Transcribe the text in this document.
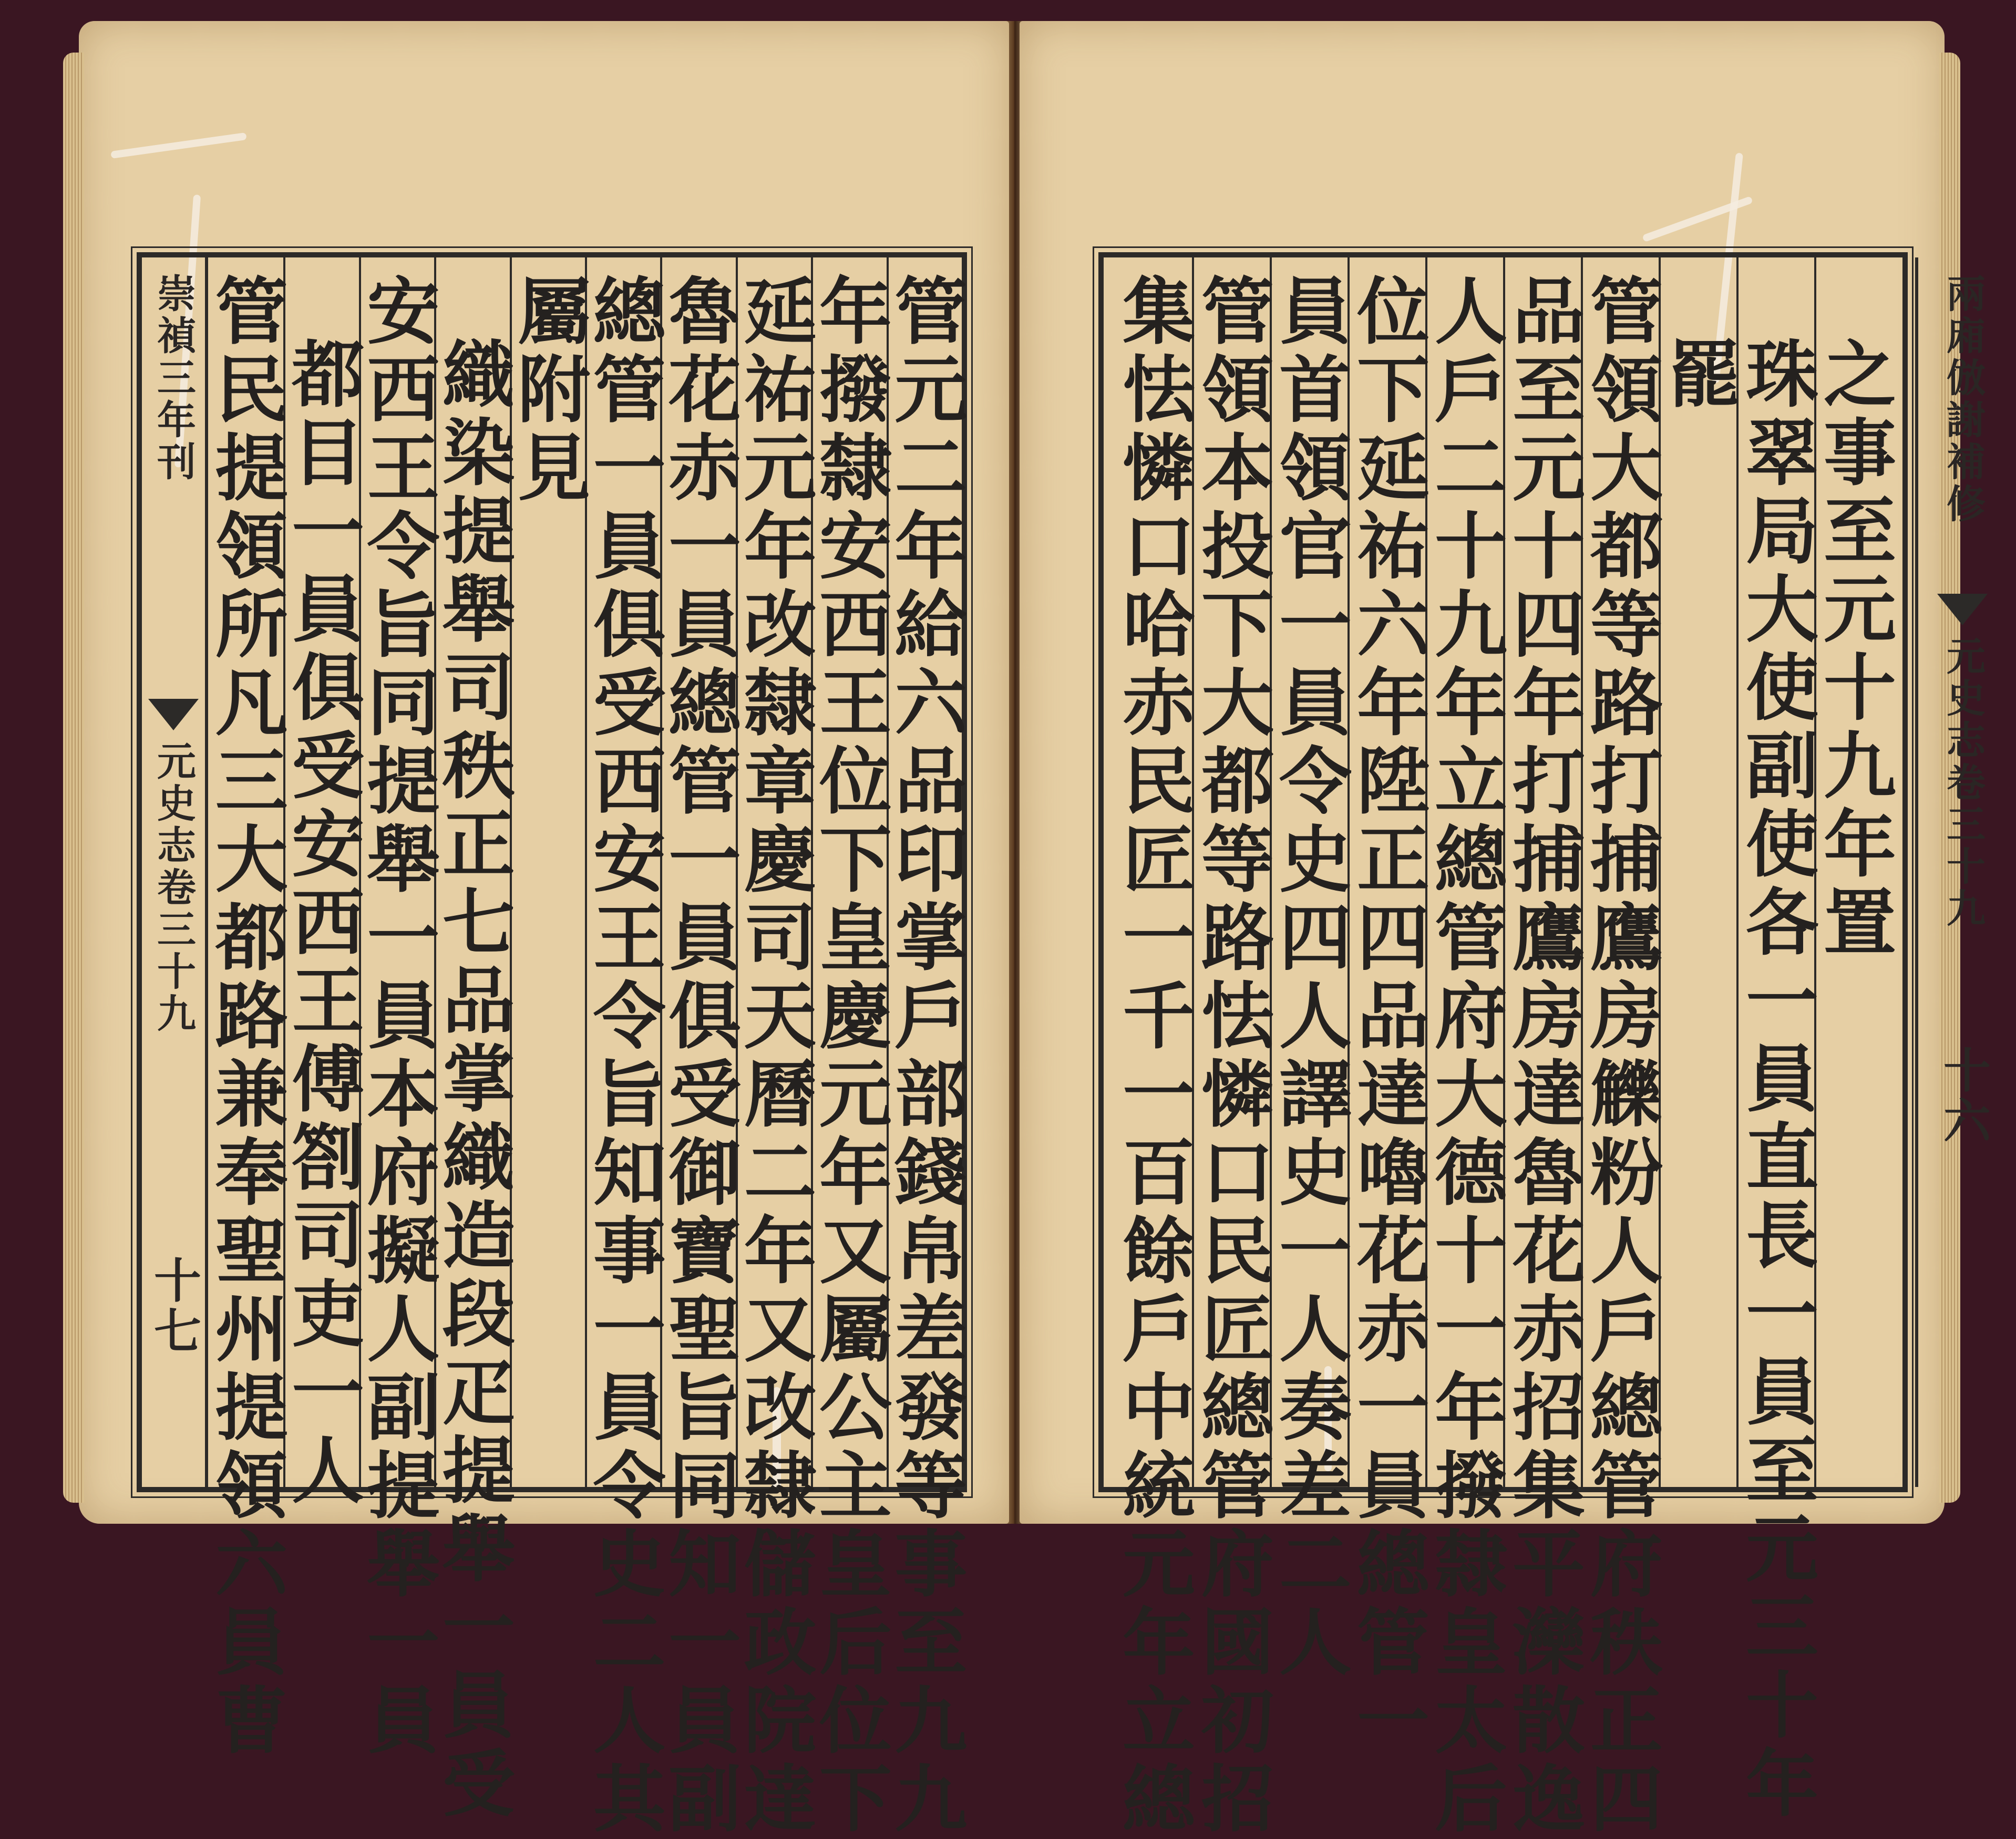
崇禎三年刊
元史志卷三十九
十七	管元二年給六品印掌戶部錢帛差發等事至九九
年撥隸安西王位下皇慶元年又屬公主皇后位下
延祐元年改隸章慶司天曆二年又改隸儲政院達
魯花赤一員總管一員俱受御寶聖旨同知一員副
總管一員俱受西安王令旨知事一員令史二人其
屬附見
織染提舉司秩正七品掌織造段疋提舉一員受
安西王令旨同提舉一員本府擬人副提舉一員
都目一員俱受安西王傅劄司吏一人
管民提領所凡三大都路兼奉聖州提領六員曹	之事至元十九年置
珠翠局大使副使各一員直長一員至元三十年
罷
管領大都等路打捕鷹房觻粉人戶總管府秩正四
品至元十四年打捕鷹房達魯花赤招集平灤散逸
人戶二十九年立總管府大德十一年撥隸皇太后
位下延祐六年陞正四品達嚕花赤一員總管一
員首領官一員令史四人譯史一人奏差二人
管領本投下大都等路怯憐口民匠總管府國初招
集怯憐口哈赤民匠一千一百餘戶中統元年立總	兩廂倣謝補修
元史志卷三十九
十六
